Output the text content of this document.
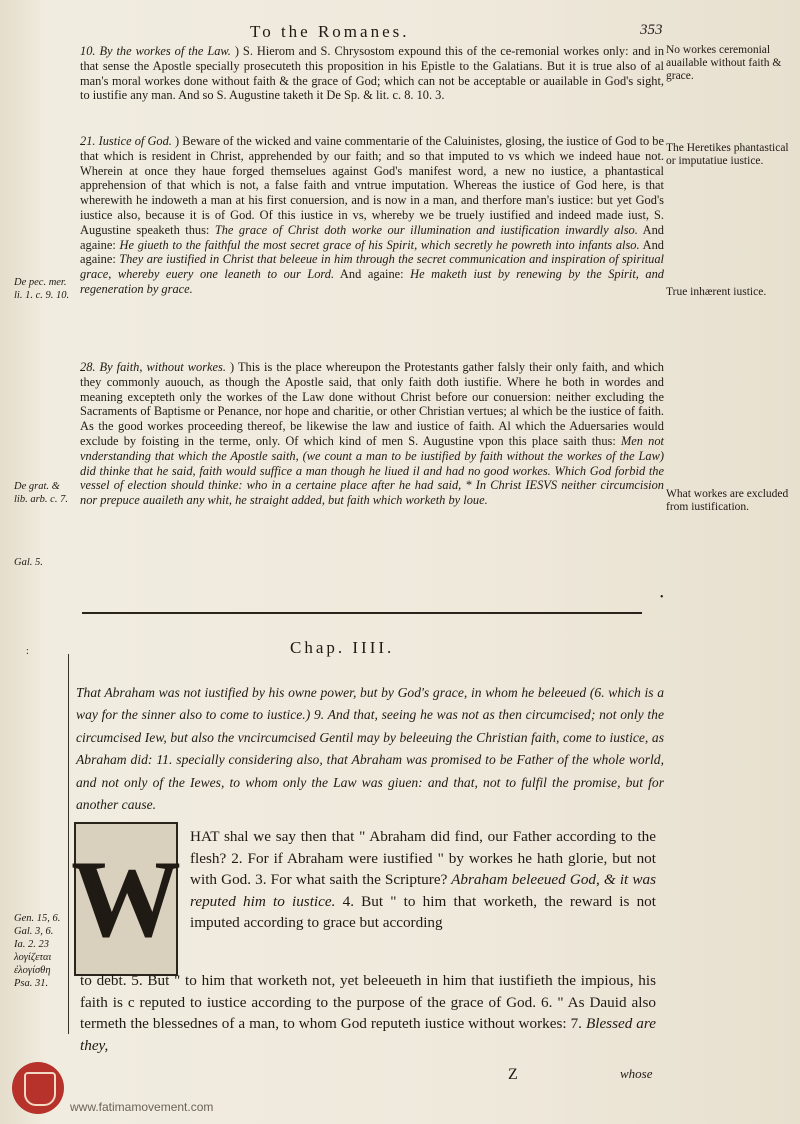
To the Romanes.	353

10. By the workes of the Law. ) S. Hierom and S. Chrysostom expound this of the ce-remonial workes only: and in that sense the Apostle specially prosecuteth this proposition in his Epistle to the Galatians. But it is true also of al man's moral workes done without faith & the grace of God; which can not be acceptable or auailable in God's sight, to iustifie any man. And so S. Augustine taketh it De Sp. & lit. c. 8. 10. 3.

21. Iustice of God. ) Beware of the wicked and vaine commentarie of the Caluinistes, glosing, the iustice of God to be that which is resident in Christ, apprehended by our faith; and so that imputed to vs which we indeed haue not. Wherein at once they haue forged themselues against God's manifest word, a new no iustice, a phantastical apprehension of that which is not, a false faith and vntrue imputation. Whereas the iustice of God here, is that wherewith he indoweth a man at his first conuersion, and is now in a man, and therfore man's iustice: but yet God's iustice also, because it is of God. Of this iustice in vs, whereby we be truely iustified and indeed made iust, S. Augustine speaketh thus: The grace of Christ doth worke our illumination and iustification inwardly also. And againe: He giueth to the faithful the most secret grace of his Spirit, which secretly he powreth into infants also. And againe: They are iustified in Christ that beleeue in him through the secret communication and inspiration of spiritual grace, whereby euery one leaneth to our Lord. And againe: He maketh iust by renewing by the Spirit, and regeneration by grace.

28. By faith, without workes. ) This is the place whereupon the Protestants gather falsly their only faith, and which they commonly auouch, as though the Apostle said, that only faith doth iustifie. Where he both in wordes and meaning excepteth only the workes of the Law done without Christ before our conuersion: neither excluding the Sacraments of Baptisme or Penance, nor hope and charitie, or other Christian vertues; al which be the iustice of faith. As the good workes proceeding thereof, be likewise the law and iustice of faith. Al which the Aduersaries would exclude by foisting in the terme, only. Of which kind of men S. Augustine vpon this place saith thus: Men not vnderstanding that which the Apostle saith, (we count a man to be iustified by faith without the workes of the Law) did thinke that he said, faith would suffice a man though he liued il and had no good workes. Which God forbid the vessel of election should thinke: who in a certaine place after he had said, * In Christ IESVS neither circumcision nor prepuce auaileth any whit, he straight added, but faith which worketh by loue.

No workes ceremonial auailable without faith & grace.
The Heretikes phantastical or imputatiue iustice.
True inhærent iustice.
What workes are excluded from iustification.
De pec. mer. li. 1. c. 9. 10.
De grat. & lib. arb. c. 7.
Gal. 5.
•
:	Chap. IIII.
That Abraham was not iustified by his owne power, but by God's grace, in whom he beleeued (6. which is a way for the sinner also to come to iustice.) 9. And that, seeing he was not as then circumcised; not only the circumcised Iew, but also the vncircumcised Gentil may by beleeuing the Christian faith, come to iustice, as Abraham did: 11. specially considering also, that Abraham was promised to be Father of the whole world, and not only of the Iewes, to whom only the Law was giuen: and that, not to fulfil the promise, but for another cause.
W
HAT shal we say then that " Abraham did find, our Father according to the flesh? 2. For if Abraham were iustified " by workes he hath glorie, but not with God. 3. For what saith the Scripture? Abraham beleeued God, & it was reputed him to iustice. 4. But " to him that worketh, the reward is not imputed according to grace but according
to debt. 5. But " to him that worketh not, yet beleeueth in him that iustifieth the impious, his faith is c reputed to iustice according to the purpose of the grace of God. 6. " As Dauid also termeth the blessednes of a man, to whom God reputeth iustice without workes: 7. Blessed are they,
Gen. 15, 6.
Gal. 3, 6.
Ia. 2. 23
λογίζεται
ἐλογίσθη
Psa. 31.
Z	whose
www.fatimamovement.com
